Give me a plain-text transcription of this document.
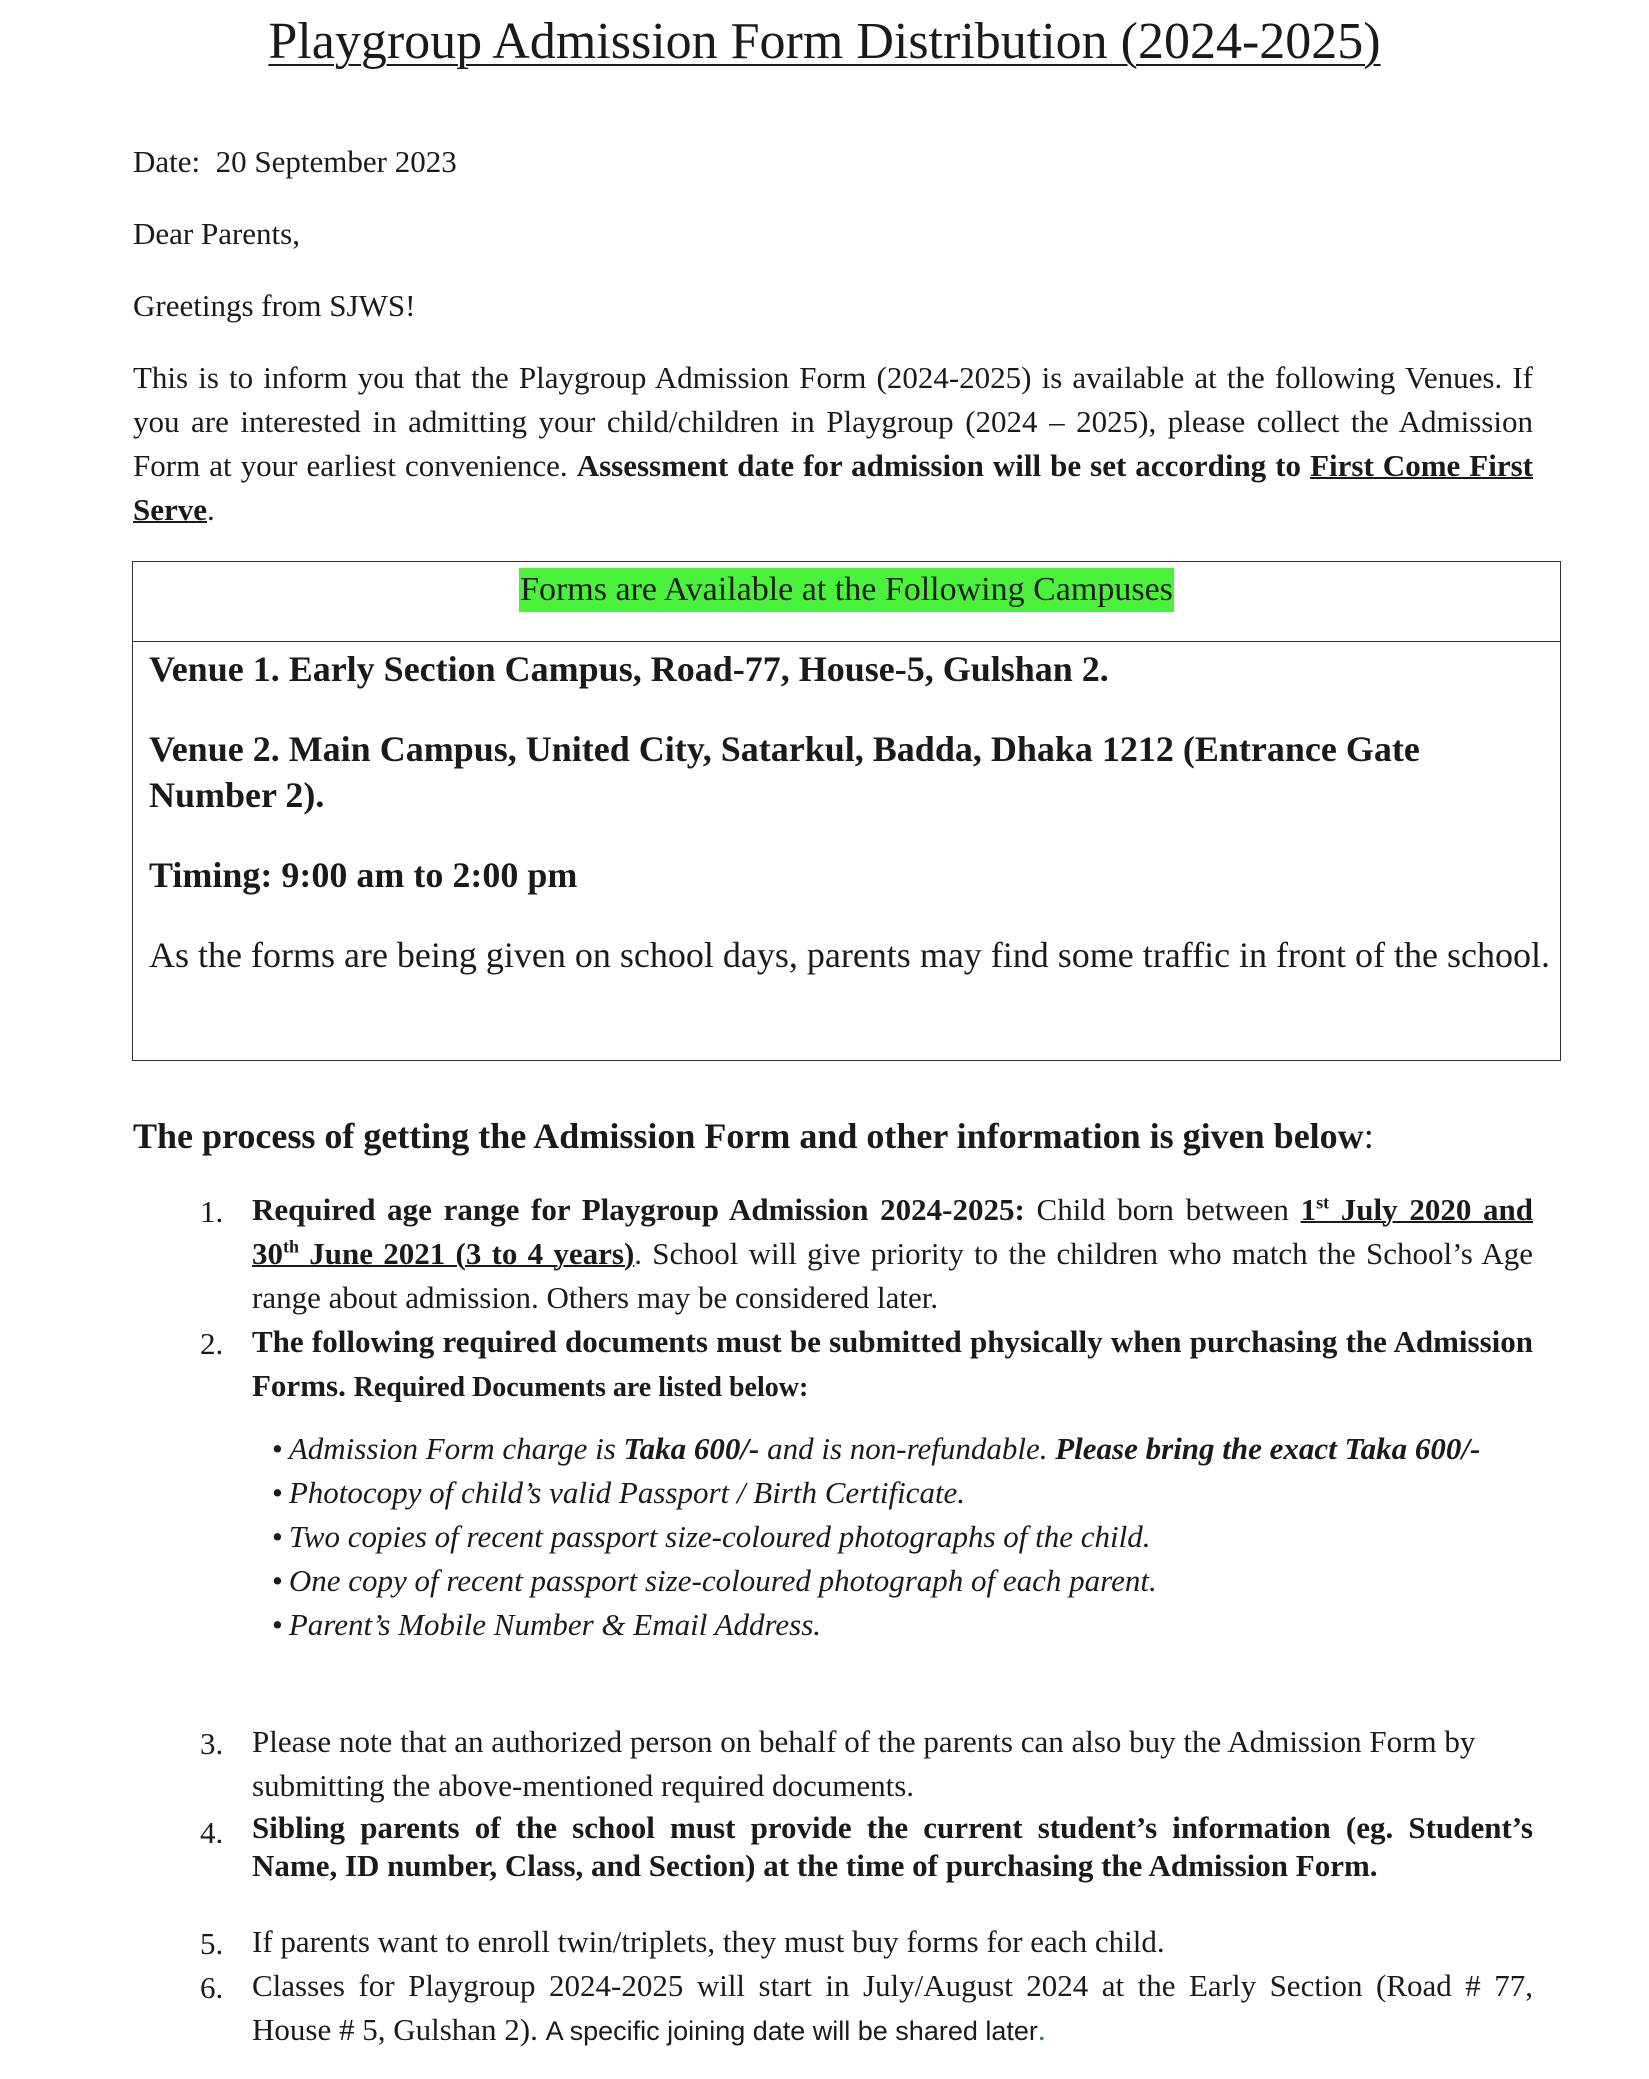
Playgroup Admission Form Distribution (2024-2025)

Date: 20 September 2023

Dear Parents,

Greetings from SJWS!

This is to inform you that the Playgroup Admission Form (2024-2025) is available at the following Venues. If you are interested in admitting your child/children in Playgroup (2024 – 2025), please collect the Admission Form at your earliest convenience. Assessment date for admission will be set according to First Come First Serve.

Forms are Available at the Following Campuses

Venue 1. Early Section Campus, Road-77, House-5, Gulshan 2.

Venue 2. Main Campus, United City, Satarkul, Badda, Dhaka 1212 (Entrance Gate Number 2).

Timing: 9:00 am to 2:00 pm

As the forms are being given on school days, parents may find some traffic in front of the school.

The process of getting the Admission Form and other information is given below:

1. Required age range for Playgroup Admission 2024-2025: Child born between 1st July 2020 and 30th June 2021 (3 to 4 years). School will give priority to the children who match the School’s Age range about admission. Others may be considered later.

2. The following required documents must be submitted physically when purchasing the Admission Forms. Required Documents are listed below:

• Admission Form charge is Taka 600/- and is non-refundable. Please bring the exact Taka 600/-
• Photocopy of child’s valid Passport / Birth Certificate.
• Two copies of recent passport size-coloured photographs of the child.
• One copy of recent passport size-coloured photograph of each parent.
• Parent’s Mobile Number & Email Address.
3. Please note that an authorized person on behalf of the parents can also buy the Admission Form by submitting the above-mentioned required documents.

4. Sibling parents of the school must provide the current student’s information (eg. Student’s Name, ID number, Class, and Section) at the time of purchasing the Admission Form.

5. If parents want to enroll twin/triplets, they must buy forms for each child.

6. Classes for Playgroup 2024-2025 will start in July/August 2024 at the Early Section (Road # 77, House # 5, Gulshan 2). A specific joining date will be shared later.
